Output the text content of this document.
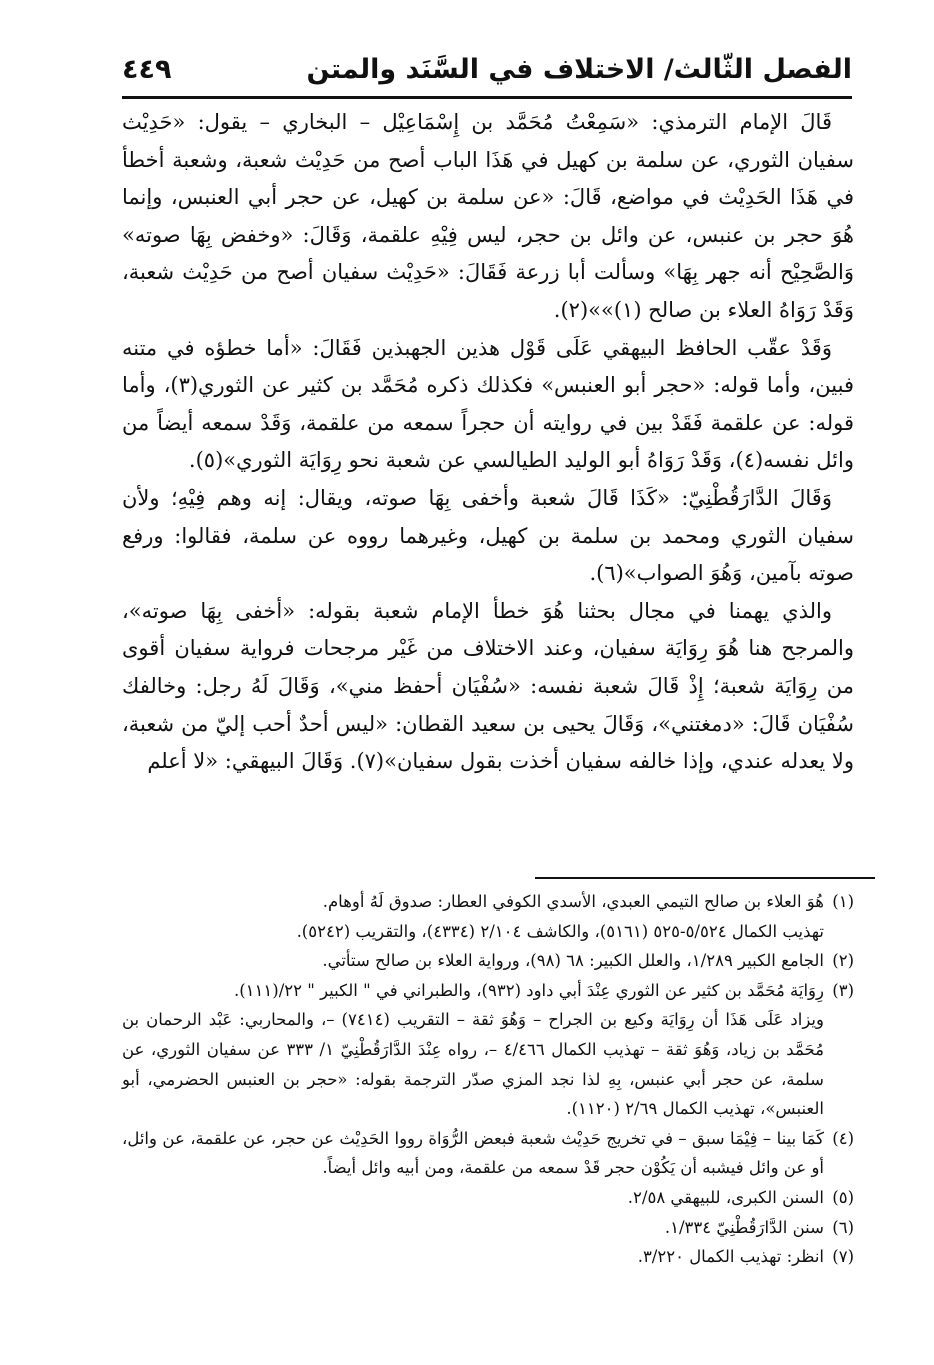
الفصل الثّالث/ الاختلاف في السَّنَد والمتن
٤٤٩

قَالَ الإمام الترمذي: «سَمِعْتُ مُحَمَّد بن إِسْمَاعِيْل – البخاري – يقول: «حَدِيْث سفيان الثوري، عن سلمة بن كهيل في هَذَا الباب أصح من حَدِيْث شعبة، وشعبة أخطأ في هَذَا الحَدِيْث في مواضع، قَالَ: «عن سلمة بن كهيل، عن حجر أبي العنبس، وإنما هُوَ حجر بن عنبس، عن وائل بن حجر، ليس فِيْهِ علقمة، وَقَالَ: «وخفض بِهَا صوته» وَالصَّحِيْح أنه جهر بِهَا» وسألت أبا زرعة فَقَالَ: «حَدِيْث سفيان أصح من حَدِيْث شعبة، وَقَدْ رَوَاهُ العلاء بن صالح (١)»»(٢).

وَقَدْ عقّب الحافظ البيهقي عَلَى قَوْل هذين الجهبذين فَقَالَ: «أما خطؤه في متنه فبين، وأما قوله: «حجر أبو العنبس» فكذلك ذكره مُحَمَّد بن كثير عن الثوري(٣)، وأما قوله: عن علقمة فَقَدْ بين في روايته أن حجراً سمعه من علقمة، وَقَدْ سمعه أيضاً من وائل نفسه(٤)، وَقَدْ رَوَاهُ أبو الوليد الطيالسي عن شعبة نحو رِوَايَة الثوري»(٥).

وَقَالَ الدَّارَقُطْنِيّ: «كَذَا قَالَ شعبة وأخفى بِهَا صوته، ويقال: إنه وهم فِيْهِ؛ ولأن سفيان الثوري ومحمد بن سلمة بن كهيل، وغيرهما رووه عن سلمة، فقالوا: ورفع صوته بآمين، وَهُوَ الصواب»(٦).

والذي يهمنا في مجال بحثنا هُوَ خطأ الإمام شعبة بقوله: «أخفى بِهَا صوته»، والمرجح هنا هُوَ رِوَايَة سفيان، وعند الاختلاف من غَيْر مرجحات فرواية سفيان أقوى من رِوَايَة شعبة؛ إِذْ قَالَ شعبة نفسه: «سُفْيَان أحفظ مني»، وَقَالَ لَهُ رجل: وخالفك سُفْيَان قَالَ: «دمغتني»، وَقَالَ يحيى بن سعيد القطان: «ليس أحدٌ أحب إليّ من شعبة، ولا يعدله عندي، وإذا خالفه سفيان أخذت بقول سفيان»(٧). وَقَالَ البيهقي: «لا أعلم

(١)
هُوَ العلاء بن صالح التيمي العبدي، الأسدي الكوفي العطار: صدوق لَهُ أوهام.
تهذيب الكمال ٥/٥٢٤-٥٢٥ (٥١٦١)، والكاشف ٢/١٠٤ (٤٣٣٤)، والتقريب (٥٢٤٢).
(٢)
الجامع الكبير ١/٢٨٩، والعلل الكبير: ٦٨ (٩٨)، ورواية العلاء بن صالح ستأتي.
(٣)
رِوَايَة مُحَمَّد بن كثير عن الثوري عِنْدَ أبي داود (٩٣٢)، والطبراني في " الكبير " ٢٢/(١١١).
ويزاد عَلَى هَذَا أن رِوَايَة وكيع بن الجراح – وَهُوَ ثقة – التقريب (٧٤١٤) –، والمحاربي: عَبْد الرحمان بن مُحَمَّد بن زياد، وَهُوَ ثقة – تهذيب الكمال ٤/٤٦٦ –، رواه عِنْدَ الدَّارَقُطْنِيّ ١/ ٣٣٣ عن سفيان الثوري، عن سلمة، عن حجر أبي عنبس، بِهِ لذا نجد المزي صدّر الترجمة بقوله: «حجر بن العنبس الحضرمي، أبو العنبس»، تهذيب الكمال ٢/٦٩ (١١٢٠).
(٤)
كَمَا بينا – فِيْمَا سبق – في تخريج حَدِيْث شعبة فبعض الرُّوَاة رووا الحَدِيْث عن حجر، عن علقمة، عن وائل، أو عن وائل فيشبه أن يَكُوْن حجر قَدْ سمعه من علقمة، ومن أبيه وائل أيضاً.
(٥)
السنن الكبرى، للبيهقي ٢/٥٨.
(٦)
سنن الدَّارَقُطْنِيّ ١/٣٣٤.
(٧)
انظر: تهذيب الكمال ٣/٢٢٠.
